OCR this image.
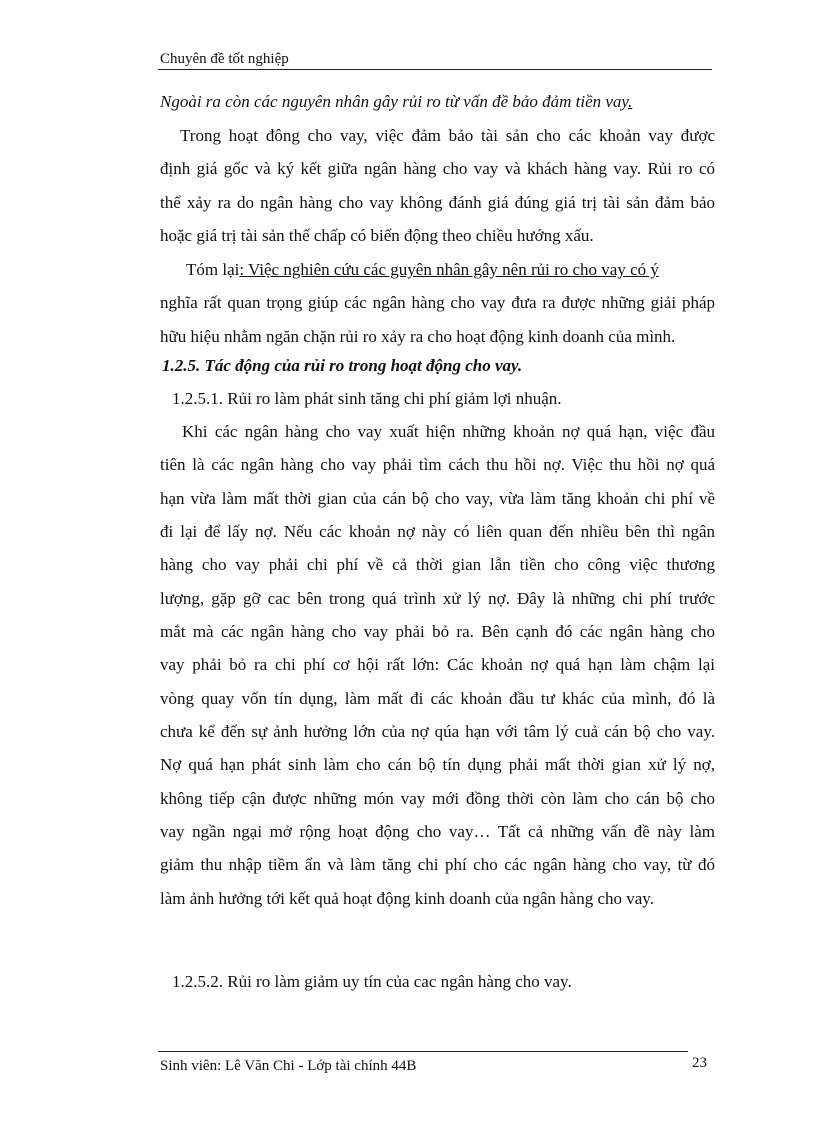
Chuyên đề tốt nghiệp
Ngoài ra còn các nguyên nhân gây rủi ro từ vấn đề bảo đảm tiền vay.
Trong hoạt đông cho vay, việc đảm bảo tài sản cho các khoản vay được
định giá gốc và ký kết giữa ngân hàng cho vay và khách hàng vay. Rủi ro có
thể xảy ra do ngân hàng cho vay không đánh giá đúng giá trị tài sản đảm bảo
hoặc giá trị tài sản thế chấp có biến động theo chiều hướng xấu.
Tóm lại: Việc nghiên cứu các guyên nhân gây nên rủi ro cho vay có ý
nghĩa rất quan trọng giúp các ngân hàng cho vay đưa ra được những giải pháp
hữu hiệu nhằm ngăn chặn rủi ro xảy ra cho hoạt động kinh doanh của mình.
1.2.5. Tác động của rủi ro trong hoạt động cho vay.
1.2.5.1. Rủi ro làm phát sinh tăng chi phí giảm lợi nhuận.
Khi các ngân hàng cho vay xuất hiện những khoản nợ quá hạn, việc đầu
tiên là các ngân hàng cho vay phải tìm cách thu hồi nợ. Việc thu hồi nợ quá
hạn vừa làm mất thời gian của cán bộ cho vay, vừa làm tăng khoản chi phí về
đi lại để lấy nợ. Nếu các khoản nợ này có liên quan đến nhiều bên thì ngân
hàng cho vay phải chi phí về cả thời gian lẫn tiền cho công việc thương
lượng, gặp gỡ cac bên trong quá trình xử lý nợ. Đây là những chi phí trước
mắt mà các ngân hàng cho vay phải bỏ ra. Bên cạnh đó các ngân hàng cho
vay phải bỏ ra chi phí cơ hội rất lớn: Các khoản nợ quá hạn làm chậm lại
vòng quay vốn tín dụng, làm mất đi các khoản đầu tư khác của mình, đó là
chưa kể đến sự ảnh hưởng lớn của nợ qúa hạn với tâm lý cuả cán bộ cho vay.
Nợ quá hạn phát sinh làm cho cán bộ tín dụng phải mất thời gian xử lý nợ,
không tiếp cận được những món vay mới đồng thời còn làm cho cán bộ cho
vay ngần ngại mở rộng hoạt động cho vay… Tất cả những vấn đề này làm
giảm thu nhập tiềm ẩn và làm tăng chi phí cho các ngân hàng cho vay, từ đó
làm ảnh hưởng tới kết quả hoạt động kinh doanh của ngân hàng cho vay.
1.2.5.2. Rủi ro làm giảm uy tín của cac ngân hàng cho vay.
Sinh viên: Lê Văn Chi - Lớp tài chính 44B	23
